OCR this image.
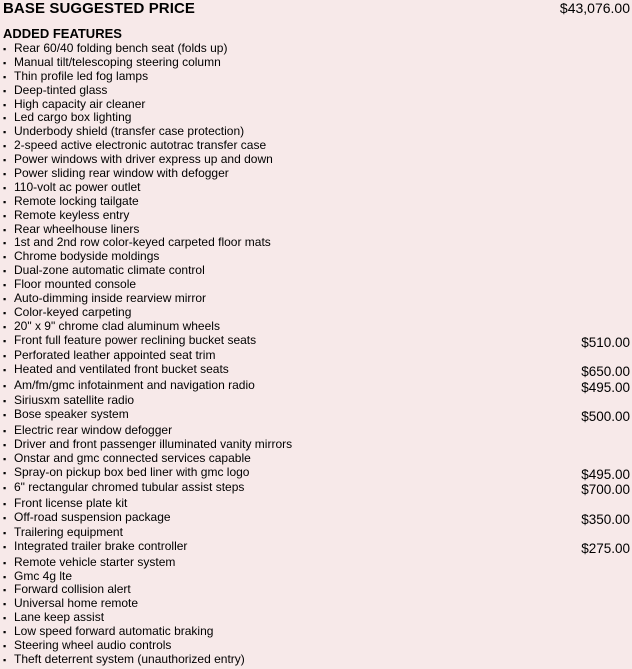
BASE SUGGESTED PRICE	$43,076.00
ADDED FEATURES
▪ Rear 60/40 folding bench seat (folds up)
▪ Manual tilt/telescoping steering column
▪ Thin profile led fog lamps
▪ Deep-tinted glass
▪ High capacity air cleaner
▪ Led cargo box lighting
▪ Underbody shield (transfer case protection)
▪ 2-speed active electronic autotrac transfer case
▪ Power windows with driver express up and down
▪ Power sliding rear window with defogger
▪ 110-volt ac power outlet
▪ Remote locking tailgate
▪ Remote keyless entry
▪ Rear wheelhouse liners
▪ 1st and 2nd row color-keyed carpeted floor mats
▪ Chrome bodyside moldings
▪ Dual-zone automatic climate control
▪ Floor mounted console
▪ Auto-dimming inside rearview mirror
▪ Color-keyed carpeting
▪ 20" x 9" chrome clad aluminum wheels
▪ Front full feature power reclining bucket seats	$510.00
▪ Perforated leather appointed seat trim
▪ Heated and ventilated front bucket seats	$650.00
▪ Am/fm/gmc infotainment and navigation radio	$495.00
▪ Siriusxm satellite radio
▪ Bose speaker system	$500.00
▪ Electric rear window defogger
▪ Driver and front passenger illuminated vanity mirrors
▪ Onstar and gmc connected services capable
▪ Spray-on pickup box bed liner with gmc logo	$495.00
▪ 6" rectangular chromed tubular assist steps	$700.00
▪ Front license plate kit
▪ Off-road suspension package	$350.00
▪ Trailering equipment
▪ Integrated trailer brake controller	$275.00
▪ Remote vehicle starter system
▪ Gmc 4g lte
▪ Forward collision alert
▪ Universal home remote
▪ Lane keep assist
▪ Low speed forward automatic braking
▪ Steering wheel audio controls
▪ Theft deterrent system (unauthorized entry)
